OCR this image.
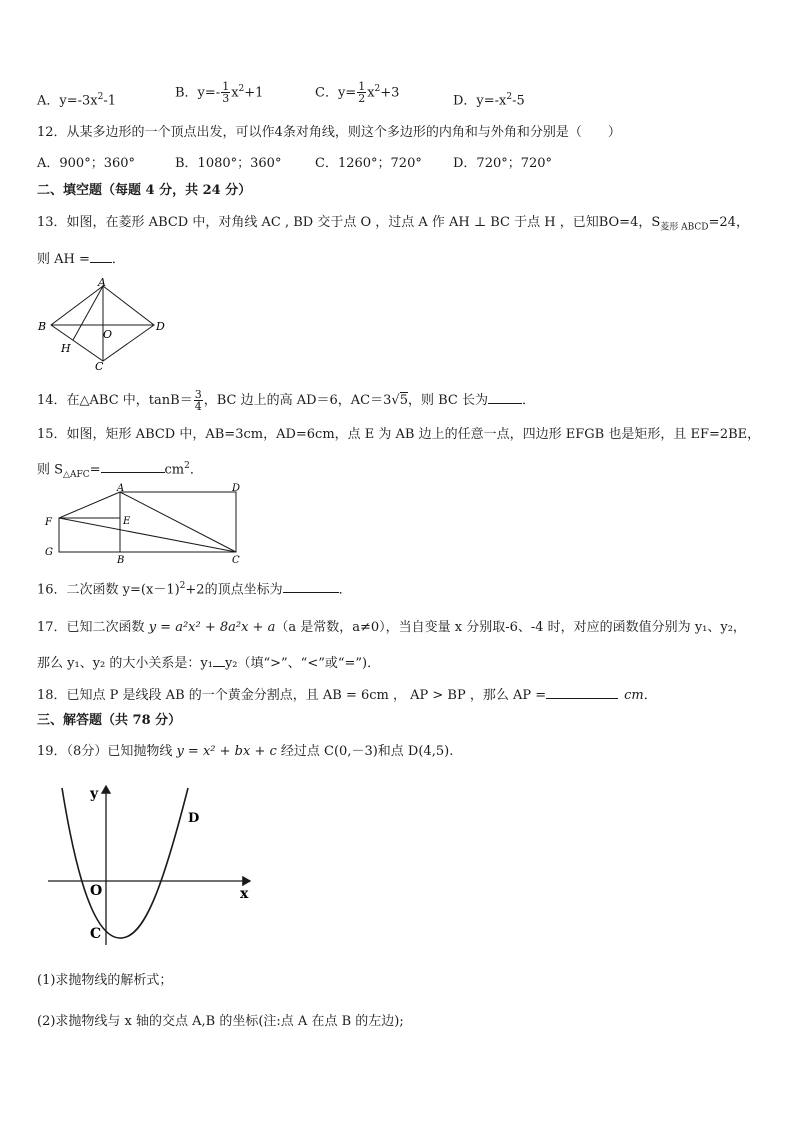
A．$y=-3x^2-1$
B．$y=- \frac{1}{3} x^2+1$	C．$y= \frac{1}{2} x^2+3$
D．$y=-x^2-5$
12．从某多边形的一个顶点出发，可以作4条对角线，则这个多边形的内角和与外角和分别是（　　）
A．900°；360°	B．1080°；360°	C．1260°；720° D．720°；720°
二、填空题（每题 4 分，共 24 分）
13．如图，在菱形 ABCD 中，对角线 AC , BD 交于点 O ，过点 A 作 AH ⊥ BC 于点 H ，已知BO=4，$S_{菱形 ABCD}=24$，
则 AH = ．
A
B
C
D
O
H
14．在△ABC 中，$\tan B= \frac{3}{4}$ ，BC 边上的高 AD＝6，AC＝3√5，则 BC 长为	．
15．如图，矩形 ABCD 中，AB=3cm，AD=6cm，点 E 为 AB 边上的任意一点，四边形 EFGB 也是矩形，且 EF=2BE，
则 $S_{\triangle AFC}=$	$cm^2$．
A
B	C
D
E
F
G
16．二次函数 $y=(x-1)^2+2$的顶点坐标为	．
17．已知二次函数 y = a²x² + 8a²x + a（a 是常数，a≠0），当自变量 x 分别取-6、-4 时，对应的函数值分别为 y₁、y₂，
那么 y₁、y₂ 的大小关系是：y₁ y₂（填“>”、“<”或“=”)．
18．已知点 P 是线段 AB 的一个黄金分割点，且 AB = 6cm ， AP > BP ，那么 AP =	cm．
三、解答题（共 78 分）
19．（8分）已知抛物线 y = x² + bx + c 经过点 C(0,－3)和点 D(4,5).
y
x
O
C
D
(1)求抛物线的解析式；
(2)求抛物线与 x 轴的交点 A,B 的坐标(注:点 A 在点 B 的左边);
